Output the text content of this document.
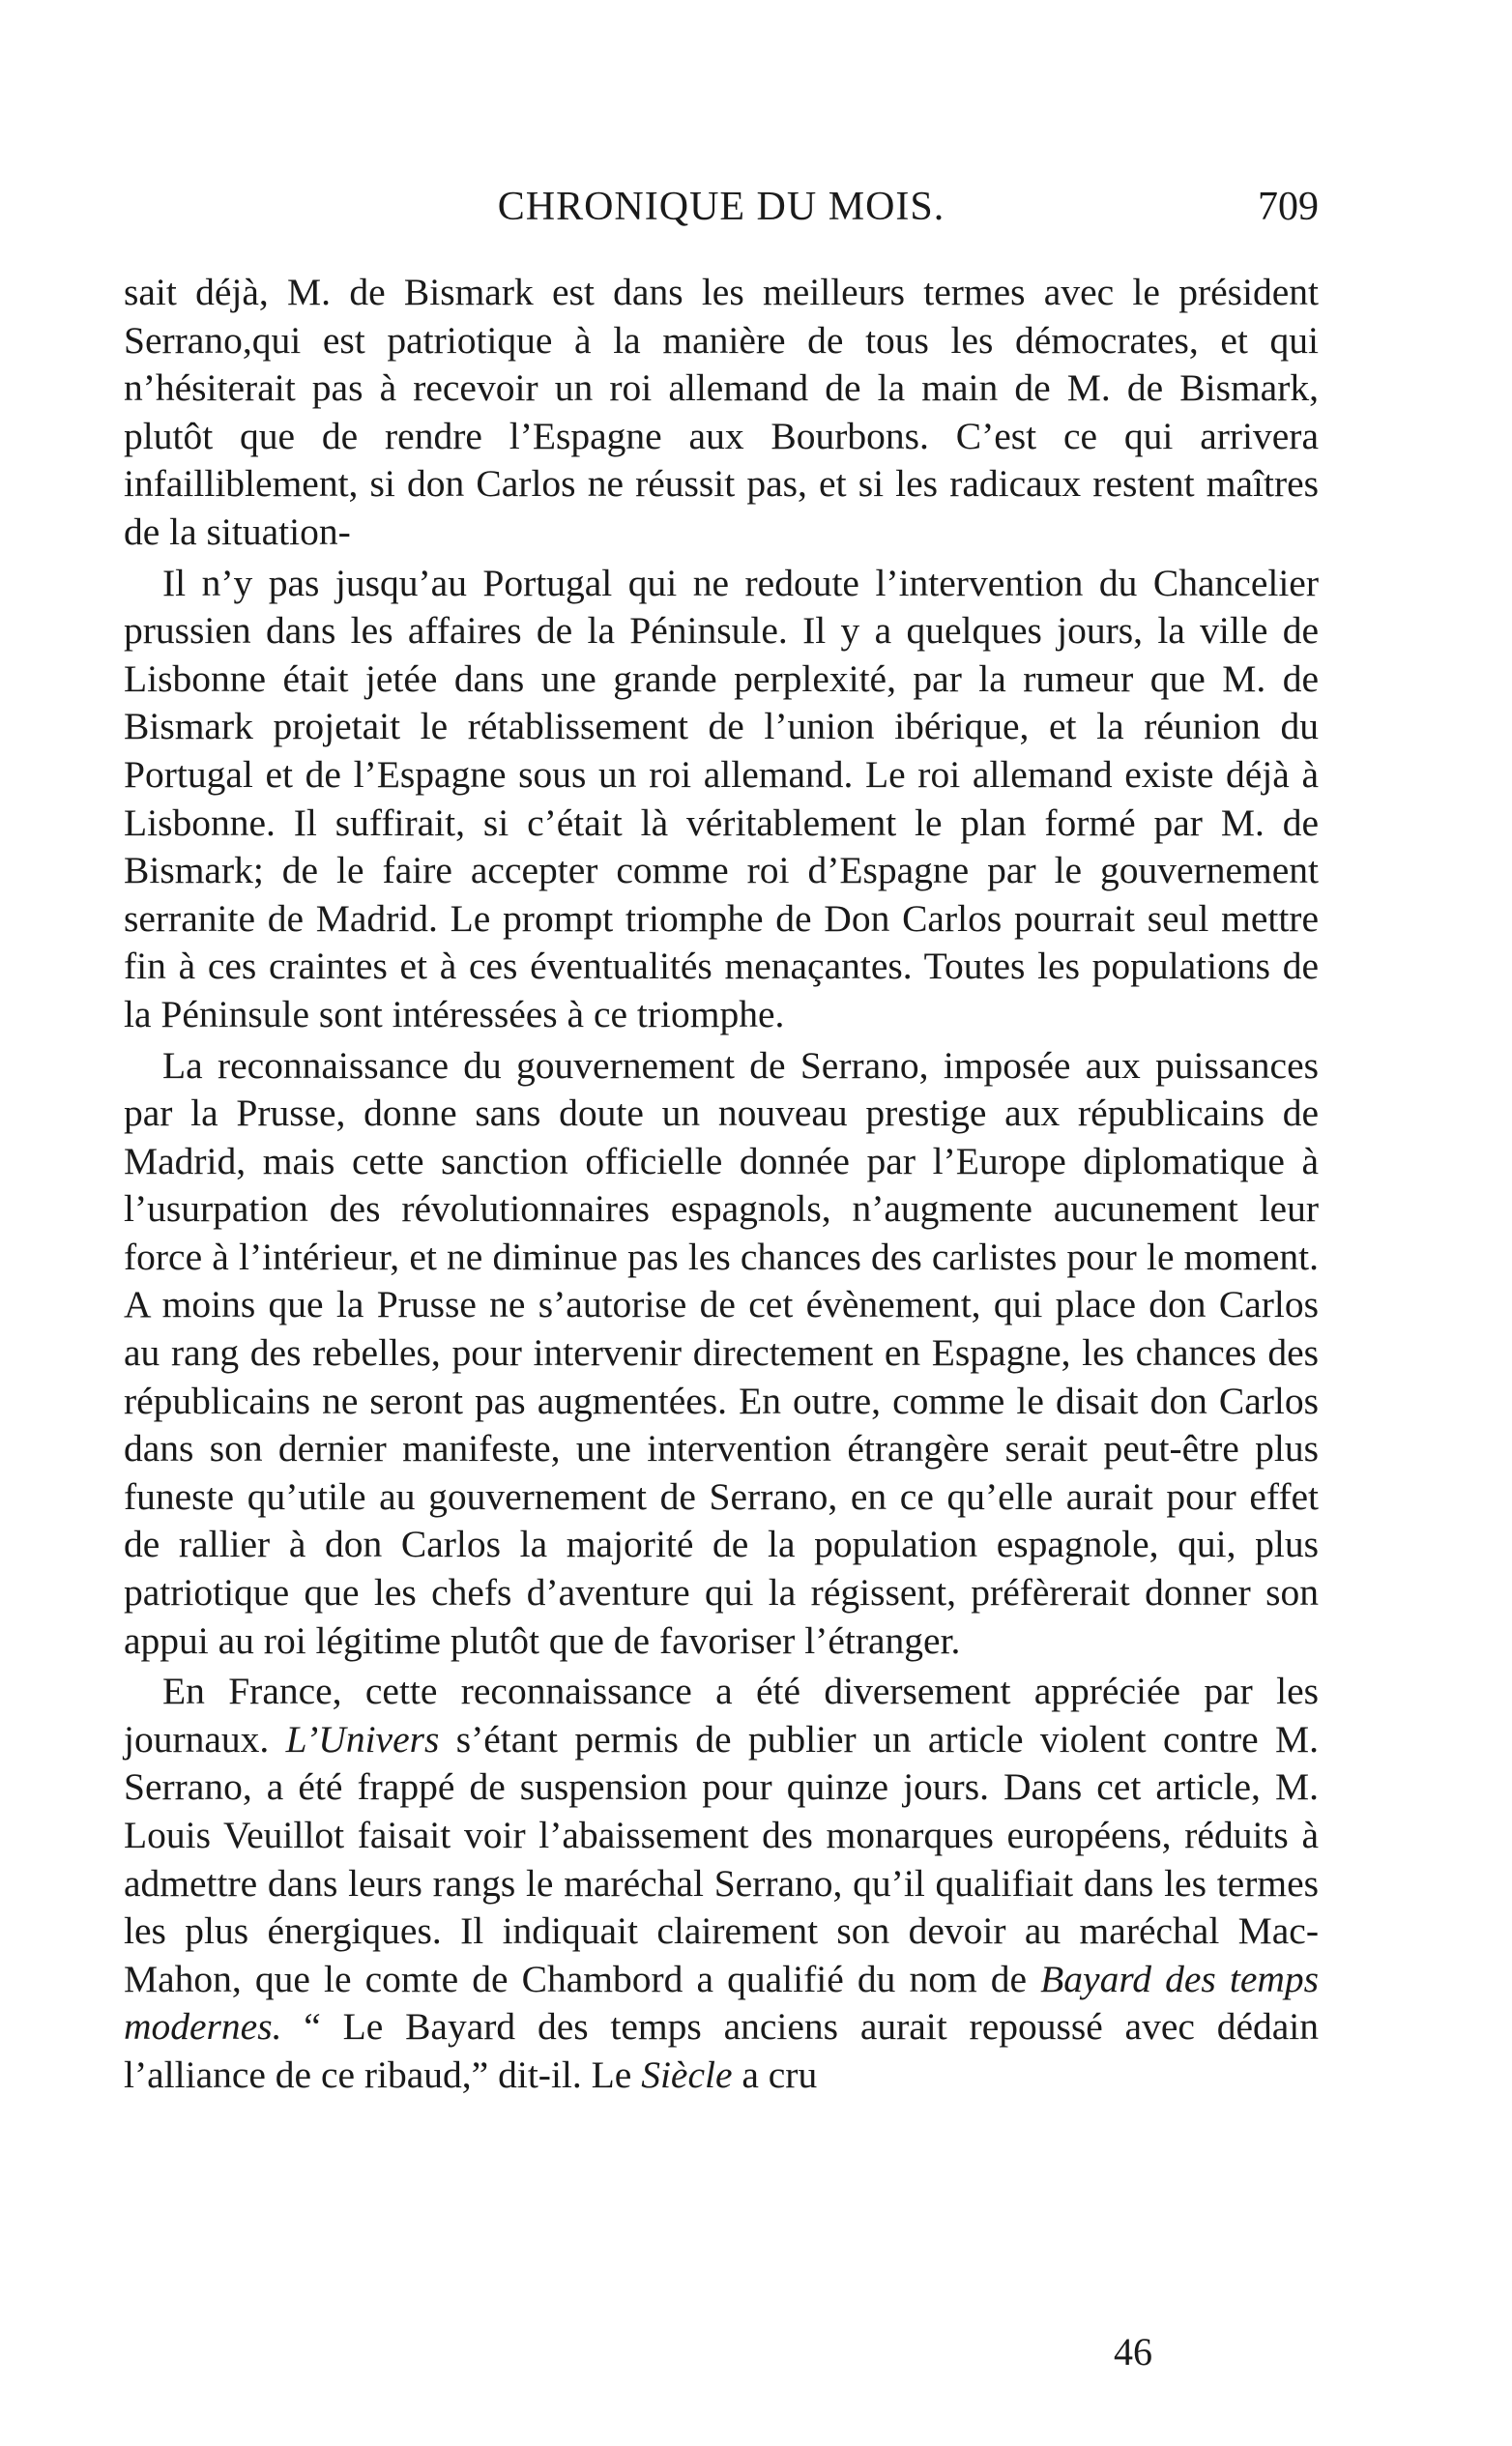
CHRONIQUE DU MOIS.	709

sait déjà, M. de Bismark est dans les meilleurs termes avec le président Serrano,qui est patriotique à la manière de tous les démocrates, et qui n’hésiterait pas à recevoir un roi allemand de la main de M. de Bismark, plutôt que de rendre l’Espagne aux Bourbons. C’est ce qui arrivera infailliblement, si don Carlos ne réussit pas, et si les radicaux restent maîtres de la situation-

Il n’y pas jusqu’au Portugal qui ne redoute l’intervention du Chancelier prussien dans les affaires de la Péninsule. Il y a quelques jours, la ville de Lisbonne était jetée dans une grande perplexité, par la rumeur que M. de Bismark projetait le rétablissement de l’union ibérique, et la réunion du Portugal et de l’Espagne sous un roi allemand. Le roi allemand existe déjà à Lisbonne. Il suffirait, si c’était là véritablement le plan formé par M. de Bismark; de le faire accepter comme roi d’Espagne par le gouvernement serranite de Madrid. Le prompt triomphe de Don Carlos pourrait seul mettre fin à ces craintes et à ces éventualités menaçantes. Toutes les populations de la Péninsule sont intéressées à ce triomphe.

La reconnaissance du gouvernement de Serrano, imposée aux puissances par la Prusse, donne sans doute un nouveau prestige aux républicains de Madrid, mais cette sanction officielle donnée par l’Europe diplomatique à l’usurpation des révolutionnaires espagnols, n’augmente aucunement leur force à l’intérieur, et ne diminue pas les chances des carlistes pour le moment. A moins que la Prusse ne s’autorise de cet évènement, qui place don Carlos au rang des rebelles, pour intervenir directement en Espagne, les chances des républicains ne seront pas augmentées. En outre, comme le disait don Carlos dans son dernier manifeste, une intervention étrangère serait peut-être plus funeste qu’utile au gouvernement de Serrano, en ce qu’elle aurait pour effet de rallier à don Carlos la majorité de la population espagnole, qui, plus patriotique que les chefs d’aventure qui la régissent, préfèrerait donner son appui au roi légitime plutôt que de favoriser l’étranger.

En France, cette reconnaissance a été diversement appréciée par les journaux. L’Univers s’étant permis de publier un article violent contre M. Serrano, a été frappé de suspension pour quinze jours. Dans cet article, M. Louis Veuillot faisait voir l’abaissement des monarques européens, réduits à admettre dans leurs rangs le maréchal Serrano, qu’il qualifiait dans les termes les plus énergiques. Il indiquait clairement son devoir au maréchal Mac-Mahon, que le comte de Chambord a qualifié du nom de Bayard des temps modernes. “ Le Bayard des temps anciens aurait repoussé avec dédain l’alliance de ce ribaud,” dit-il. Le Siècle a cru

46
